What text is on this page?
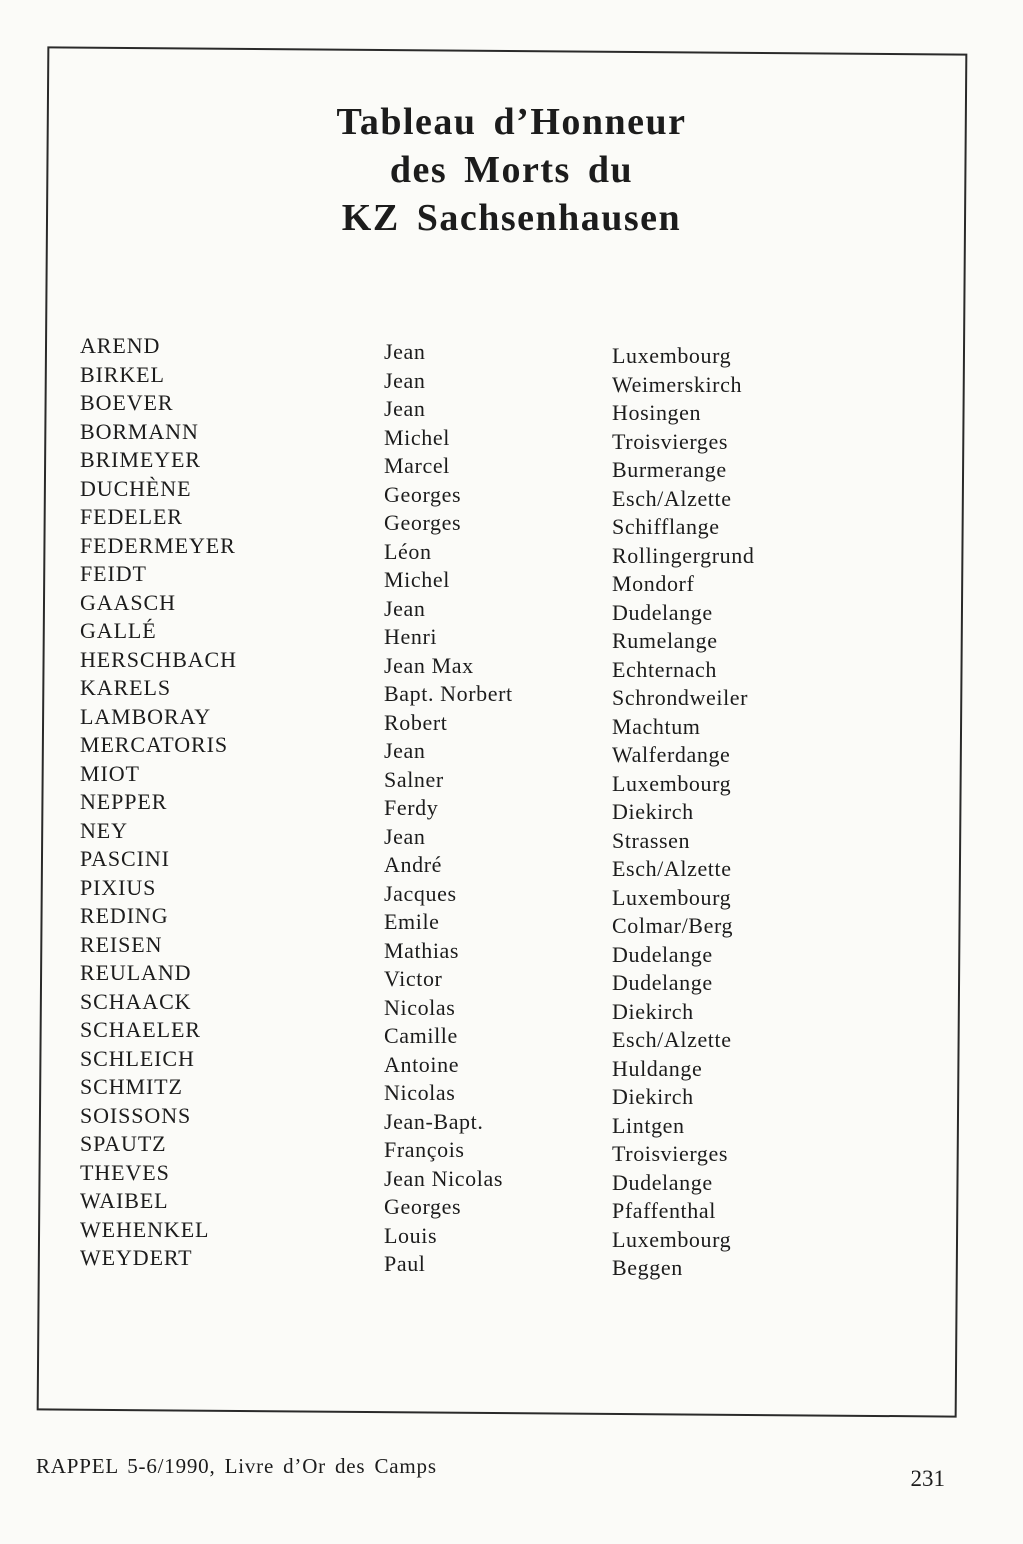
Tableau d’Honneur
des Morts du
KZ Sachsenhausen
AREND
BIRKEL
BOEVER
BORMANN
BRIMEYER
DUCHÈNE
FEDELER
FEDERMEYER
FEIDT
GAASCH
GALLÉ
HERSCHBACH
KARELS
LAMBORAY
MERCATORIS
MIOT
NEPPER
NEY
PASCINI
PIXIUS
REDING
REISEN
REULAND
SCHAACK
SCHAELER
SCHLEICH
SCHMITZ
SOISSONS
SPAUTZ
THEVES
WAIBEL
WEHENKEL
WEYDERT
Jean
Jean
Jean
Michel
Marcel
Georges
Georges
Léon
Michel
Jean
Henri
Jean Max
Bapt. Norbert
Robert
Jean
Salner
Ferdy
Jean
André
Jacques
Emile
Mathias
Victor
Nicolas
Camille
Antoine
Nicolas
Jean-Bapt.
François
Jean Nicolas
Georges
Louis
Paul
Luxembourg
Weimerskirch
Hosingen
Troisvierges
Burmerange
Esch/Alzette
Schifflange
Rollingergrund
Mondorf
Dudelange
Rumelange
Echternach
Schrondweiler
Machtum
Walferdange
Luxembourg
Diekirch
Strassen
Esch/Alzette
Luxembourg
Colmar/Berg
Dudelange
Dudelange
Diekirch
Esch/Alzette
Huldange
Diekirch
Lintgen
Troisvierges
Dudelange
Pfaffenthal
Luxembourg
Beggen
RAPPEL 5-6/1990, Livre d’Or des Camps	231
